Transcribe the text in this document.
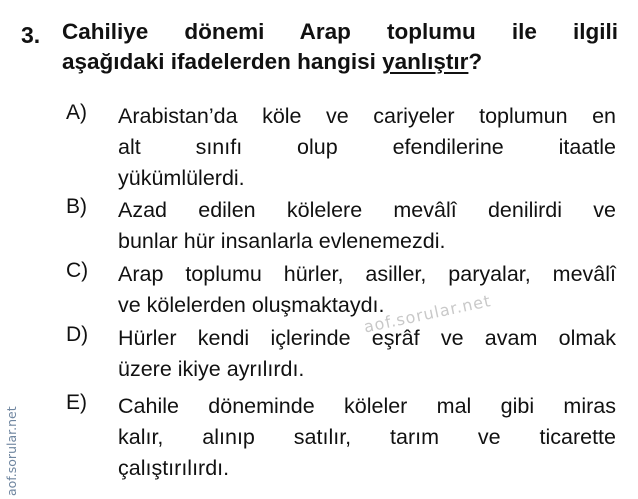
3. Cahiliye dönemi Arap toplumu ile ilgili
aşağıdaki ifadelerden hangisi yanlıştır?
A) Arabistan’da köle ve cariyeler toplumun en
alt sınıfı olup efendilerine itaatle
yükümlülerdi.
B) Azad edilen kölelere mevâlî denilirdi ve
bunlar hür insanlarla evlenemezdi.
C) Arap toplumu hürler, asiller, paryalar, mevâlî
ve kölelerden oluşmaktaydı.
D) Hürler kendi içlerinde eşrâf ve avam olmak
üzere ikiye ayrılırdı.
E) Cahile döneminde köleler mal gibi miras
kalır, alınıp satılır, tarım ve ticarette
çalıştırılırdı.
aof.sorular.net
aof.sorular.net
